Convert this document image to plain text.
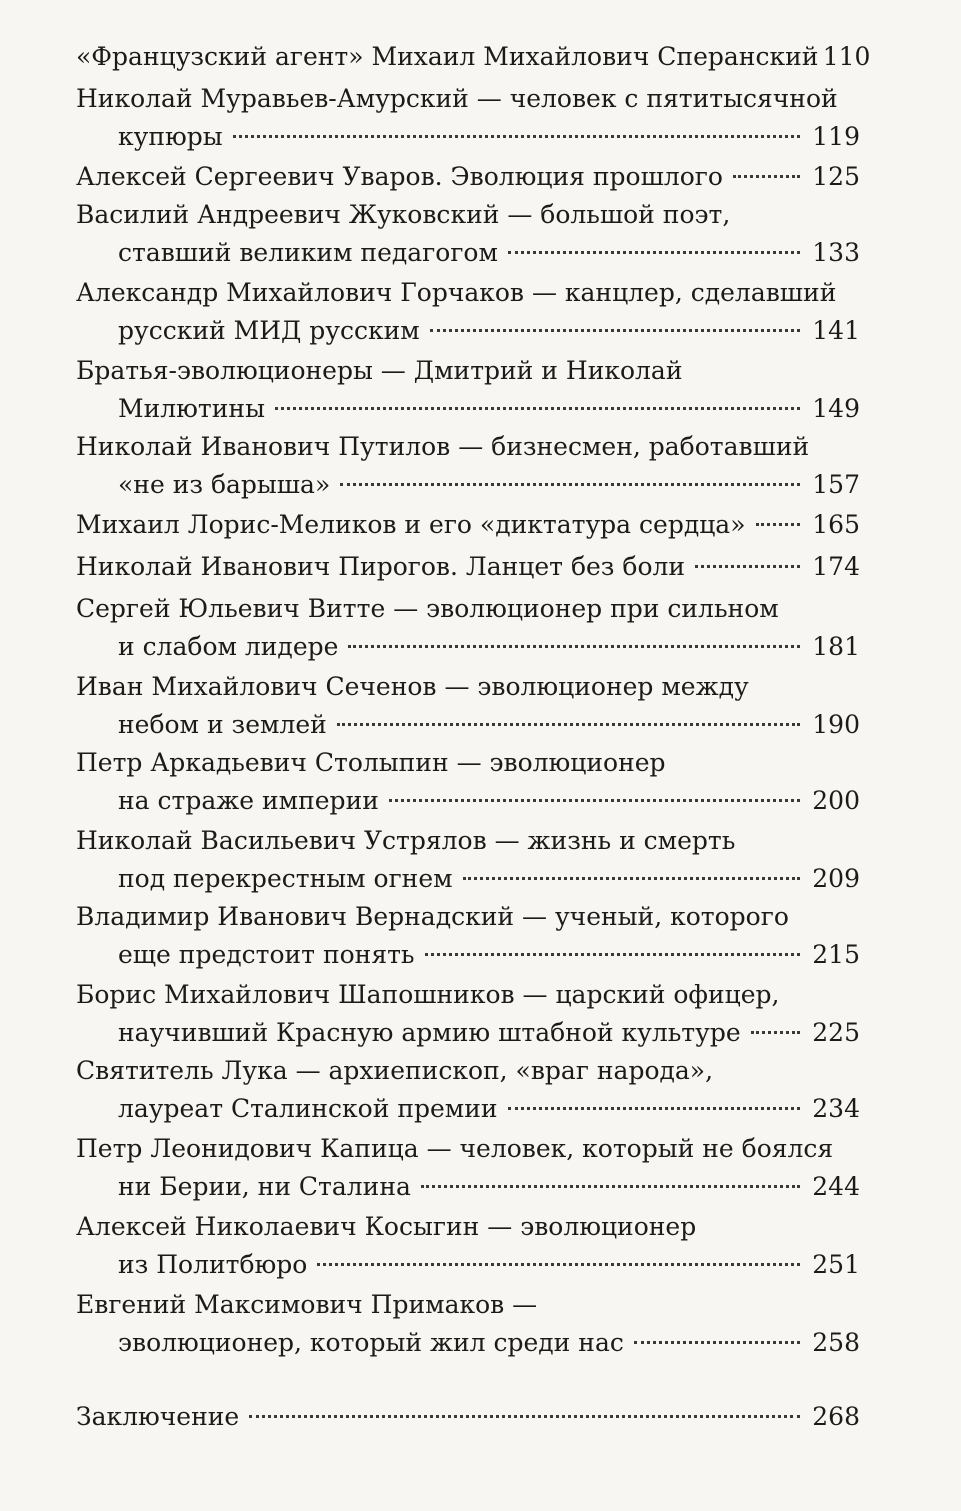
«Французский агент» Михаил Михайлович Сперанский 110
Николай Муравьев-Амурский — человек с пятитысячной
купюры	119
Алексей Сергеевич Уваров. Эволюция прошлого	125
Василий Андреевич Жуковский — большой поэт,
ставший великим педагогом	133
Александр Михайлович Горчаков — канцлер, сделавший
русский МИД русским	141
Братья-эволюционеры — Дмитрий и Николай
Милютины	149
Николай Иванович Путилов — бизнесмен, работавший
«не из барыша»	157
Михаил Лорис-Меликов и его «диктатура сердца»	165
Николай Иванович Пирогов. Ланцет без боли	174
Сергей Юльевич Витте — эволюционер при сильном
и слабом лидере	181
Иван Михайлович Сеченов — эволюционер между
небом и землей	190
Петр Аркадьевич Столыпин — эволюционер
на страже империи	200
Николай Васильевич Устрялов — жизнь и смерть
под перекрестным огнем	209
Владимир Иванович Вернадский — ученый, которого
еще предстоит понять	215
Борис Михайлович Шапошников — царский офицер,
научивший Красную армию штабной культуре	225
Святитель Лука — архиепископ, «враг народа»,
лауреат Сталинской премии	234
Петр Леонидович Капица — человек, который не боялся
ни Берии, ни Сталина	244
Алексей Николаевич Косыгин — эволюционер
из Политбюро	251
Евгений Максимович Примаков —
эволюционер, который жил среди нас	258
Заключение	268
